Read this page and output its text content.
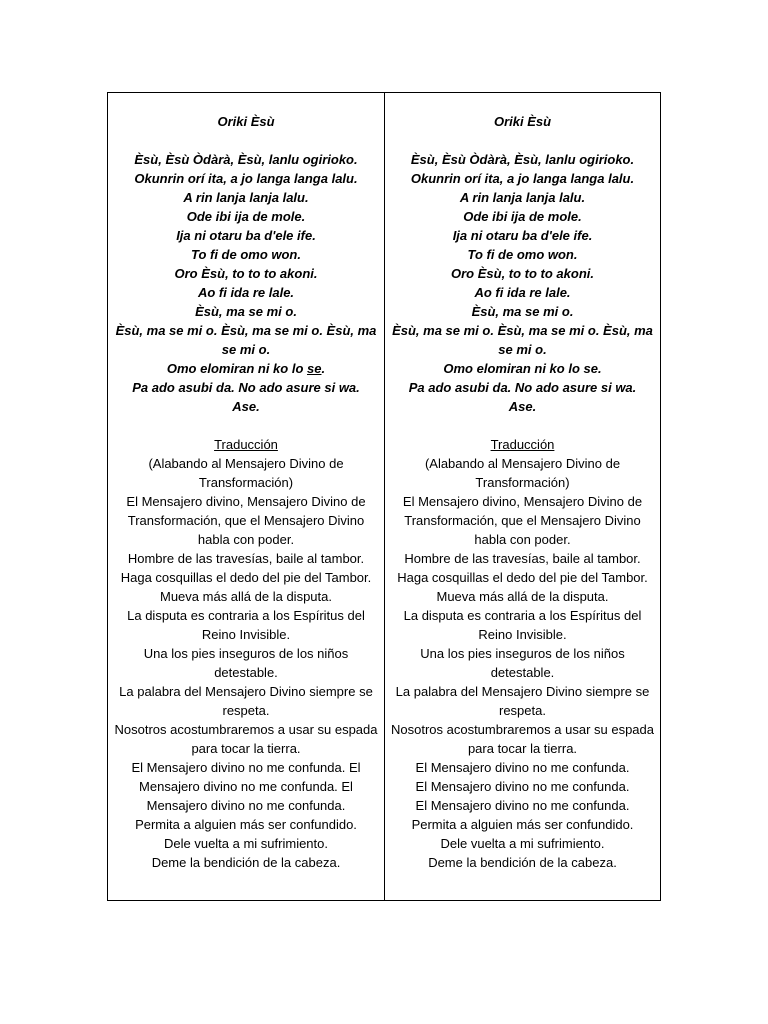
Oriki Èsù
Èsù, Èsù Òdàrà, Èsù, lanlu ogirioko.
Okunrin orí ita, a jo langa langa lalu.
A rin lanja lanja lalu.
Ode ibi ija de mole.
Ija ni otaru ba d'ele ife.
To fi de omo won.
Oro Èsù, to to to akoni.
Ao fi ida re lale.
Èsù, ma se mi o.
Èsù, ma se mi o. Èsù, ma se mi o. Èsù, ma se mi o.
Omo elomiran ni ko lo se.
Pa ado asubi da. No ado asure si wa.
Ase.
Traducción
(Alabando al Mensajero Divino de Transformación)
El Mensajero divino, Mensajero Divino de Transformación, que el Mensajero Divino habla con poder.
Hombre de las travesías, baile al tambor.
Haga cosquillas el dedo del pie del Tambor.
Mueva más allá de la disputa.
La disputa es contraria a los Espíritus del Reino Invisible.
Una los pies inseguros de los niños detestable.
La palabra del Mensajero Divino siempre se respeta.
Nosotros acostumbraremos a usar su espada para tocar la tierra.
El Mensajero divino no me confunda. El Mensajero divino no me confunda. El Mensajero divino no me confunda.
Permita a alguien más ser confundido.
Dele vuelta a mi sufrimiento.
Deme la bendición de la cabeza.
Oriki Èsù
Èsù, Èsù Òdàrà, Èsù, lanlu ogirioko.
Okunrin orí ita, a jo langa langa lalu.
A rin lanja lanja lalu.
Ode ibi ija de mole.
Ija ni otaru ba d'ele ife.
To fi de omo won.
Oro Èsù, to to to akoni.
Ao fi ida re lale.
Èsù, ma se mi o.
Èsù, ma se mi o. Èsù, ma se mi o. Èsù, ma se mi o.
Omo elomiran ni ko lo se.
Pa ado asubi da. No ado asure si wa.
Ase.
Traducción
(Alabando al Mensajero Divino de Transformación)
El Mensajero divino, Mensajero Divino de Transformación, que el Mensajero Divino habla con poder.
Hombre de las travesías, baile al tambor.
Haga cosquillas el dedo del pie del Tambor.
Mueva más allá de la disputa.
La disputa es contraria a los Espíritus del Reino Invisible.
Una los pies inseguros de los niños detestable.
La palabra del Mensajero Divino siempre se respeta.
Nosotros acostumbraremos a usar su espada para tocar la tierra.
El Mensajero divino no me confunda.
El Mensajero divino no me confunda.
El Mensajero divino no me confunda.
Permita a alguien más ser confundido.
Dele vuelta a mi sufrimiento.
Deme la bendición de la cabeza.
